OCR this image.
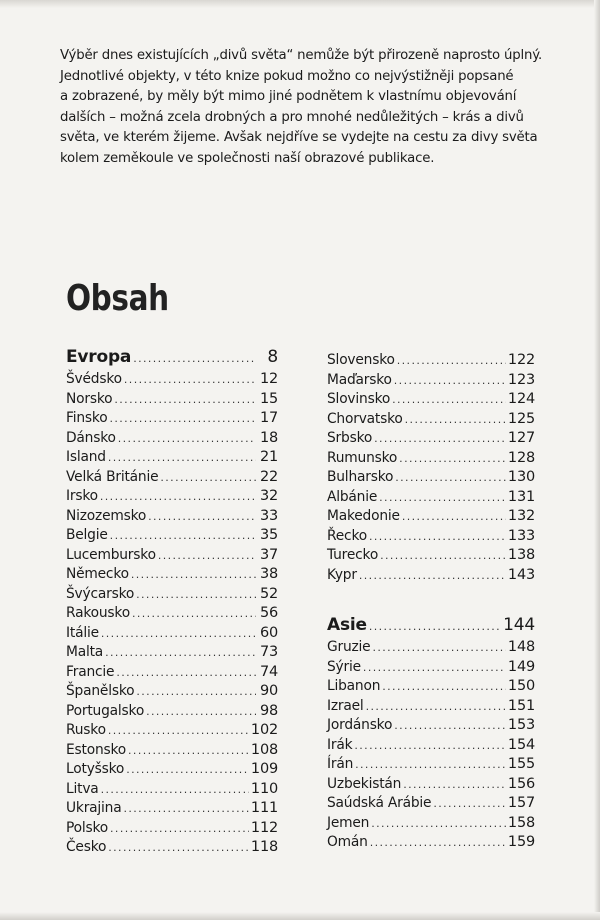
Výběr dnes existujících „divů světa“ nemůže být přirozeně naprosto úplný.
Jednotlivé objekty, v této knize pokud možno co nejvýstižněji popsané
a zobrazené, by měly být mimo jiné podnětem k vlastnímu objevování
dalších – možná zcela drobných a pro mnohé nedůležitých – krás a divů
světa, ve kterém žijeme. Avšak nejdříve se vydejte na cestu za divy světa
kolem zeměkoule ve společnosti naší obrazové publikace.

Obsah
Evropa .....	8
Švédsko .....	12
Norsko .....	15
Finsko .....	17
Dánsko .....	18
Island .....	21
Velká Británie .....	22
Irsko .....	32
Nizozemsko .....	33
Belgie .....	35
Lucembursko .....	37
Německo .....	38
Švýcarsko .....	52
Rakousko .....	56
Itálie .....	60
Malta .....	73
Francie .....	74
Španělsko .....	90
Portugalsko .....	98
Rusko .....	102
Estonsko .....	108
Lotyšsko .....	109
Litva .....	110
Ukrajina .....	111
Polsko .....	112
Česko .....	118
Slovensko .....	122
Maďarsko .....	123
Slovinsko .....	124
Chorvatsko .....	125
Srbsko .....	127
Rumunsko .....	128
Bulharsko .....	130
Albánie .....	131
Makedonie .....	132
Řecko .....	133
Turecko .....	138
Kypr .....	143
Asie .....	144
Gruzie .....	148
Sýrie .....	149
Libanon .....	150
Izrael .....	151
Jordánsko .....	153
Irák .....	154
Írán .....	155
Uzbekistán .....	156
Saúdská Arábie .....	157
Jemen .....	158
Omán .....	159
